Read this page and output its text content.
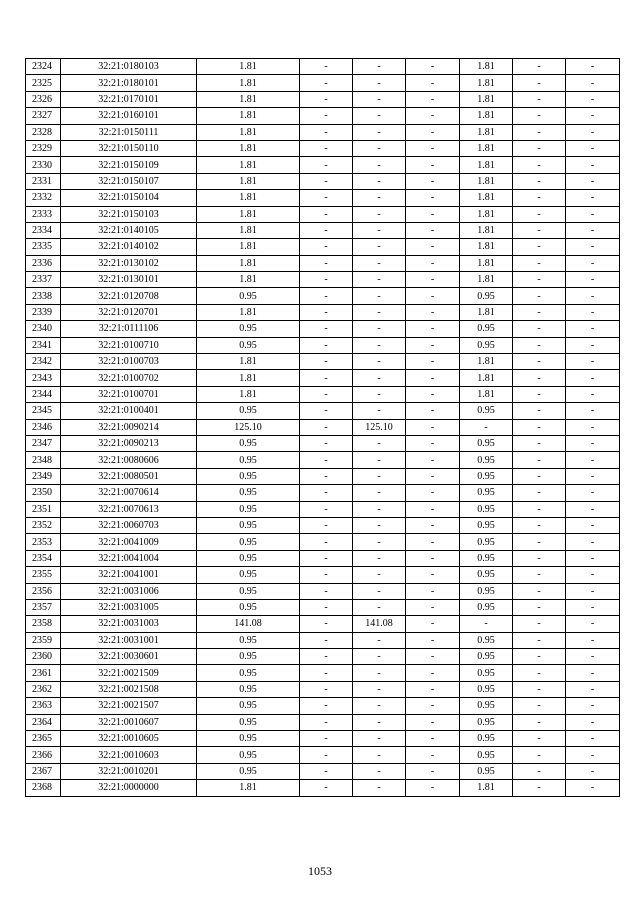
2324	32:21:0180103	1.81	-	-	-	1.81	-	-
2325	32:21:0180101	1.81	-	-	-	1.81	-	-
2326	32:21:0170101	1.81	-	-	-	1.81	-	-
2327	32:21:0160101	1.81	-	-	-	1.81	-	-
2328	32:21:0150111	1.81	-	-	-	1.81	-	-
2329	32:21:0150110	1.81	-	-	-	1.81	-	-
2330	32:21:0150109	1.81	-	-	-	1.81	-	-
2331	32:21:0150107	1.81	-	-	-	1.81	-	-
2332	32:21:0150104	1.81	-	-	-	1.81	-	-
2333	32:21:0150103	1.81	-	-	-	1.81	-	-
2334	32:21:0140105	1.81	-	-	-	1.81	-	-
2335	32:21:0140102	1.81	-	-	-	1.81	-	-
2336	32:21:0130102	1.81	-	-	-	1.81	-	-
2337	32:21:0130101	1.81	-	-	-	1.81	-	-
2338	32:21:0120708	0.95	-	-	-	0.95	-	-
2339	32:21:0120701	1.81	-	-	-	1.81	-	-
2340	32:21:0111106	0.95	-	-	-	0.95	-	-
2341	32:21:0100710	0.95	-	-	-	0.95	-	-
2342	32:21:0100703	1.81	-	-	-	1.81	-	-
2343	32:21:0100702	1.81	-	-	-	1.81	-	-
2344	32:21:0100701	1.81	-	-	-	1.81	-	-
2345	32:21:0100401	0.95	-	-	-	0.95	-	-
2346	32:21:0090214	125.10	-	125.10	-	-	-	-
2347	32:21:0090213	0.95	-	-	-	0.95	-	-
2348	32:21:0080606	0.95	-	-	-	0.95	-	-
2349	32:21:0080501	0.95	-	-	-	0.95	-	-
2350	32:21:0070614	0.95	-	-	-	0.95	-	-
2351	32:21:0070613	0.95	-	-	-	0.95	-	-
2352	32:21:0060703	0.95	-	-	-	0.95	-	-
2353	32:21:0041009	0.95	-	-	-	0.95	-	-
2354	32:21:0041004	0.95	-	-	-	0.95	-	-
2355	32:21:0041001	0.95	-	-	-	0.95	-	-
2356	32:21:0031006	0.95	-	-	-	0.95	-	-
2357	32:21:0031005	0.95	-	-	-	0.95	-	-
2358	32:21:0031003	141.08	-	141.08	-	-	-	-
2359	32:21:0031001	0.95	-	-	-	0.95	-	-
2360	32:21:0030601	0.95	-	-	-	0.95	-	-
2361	32:21:0021509	0.95	-	-	-	0.95	-	-
2362	32:21:0021508	0.95	-	-	-	0.95	-	-
2363	32:21:0021507	0.95	-	-	-	0.95	-	-
2364	32:21:0010607	0.95	-	-	-	0.95	-	-
2365	32:21:0010605	0.95	-	-	-	0.95	-	-
2366	32:21:0010603	0.95	-	-	-	0.95	-	-
2367	32:21:0010201	0.95	-	-	-	0.95	-	-
2368	32:21:0000000	1.81	-	-	-	1.81	-	-
1053
